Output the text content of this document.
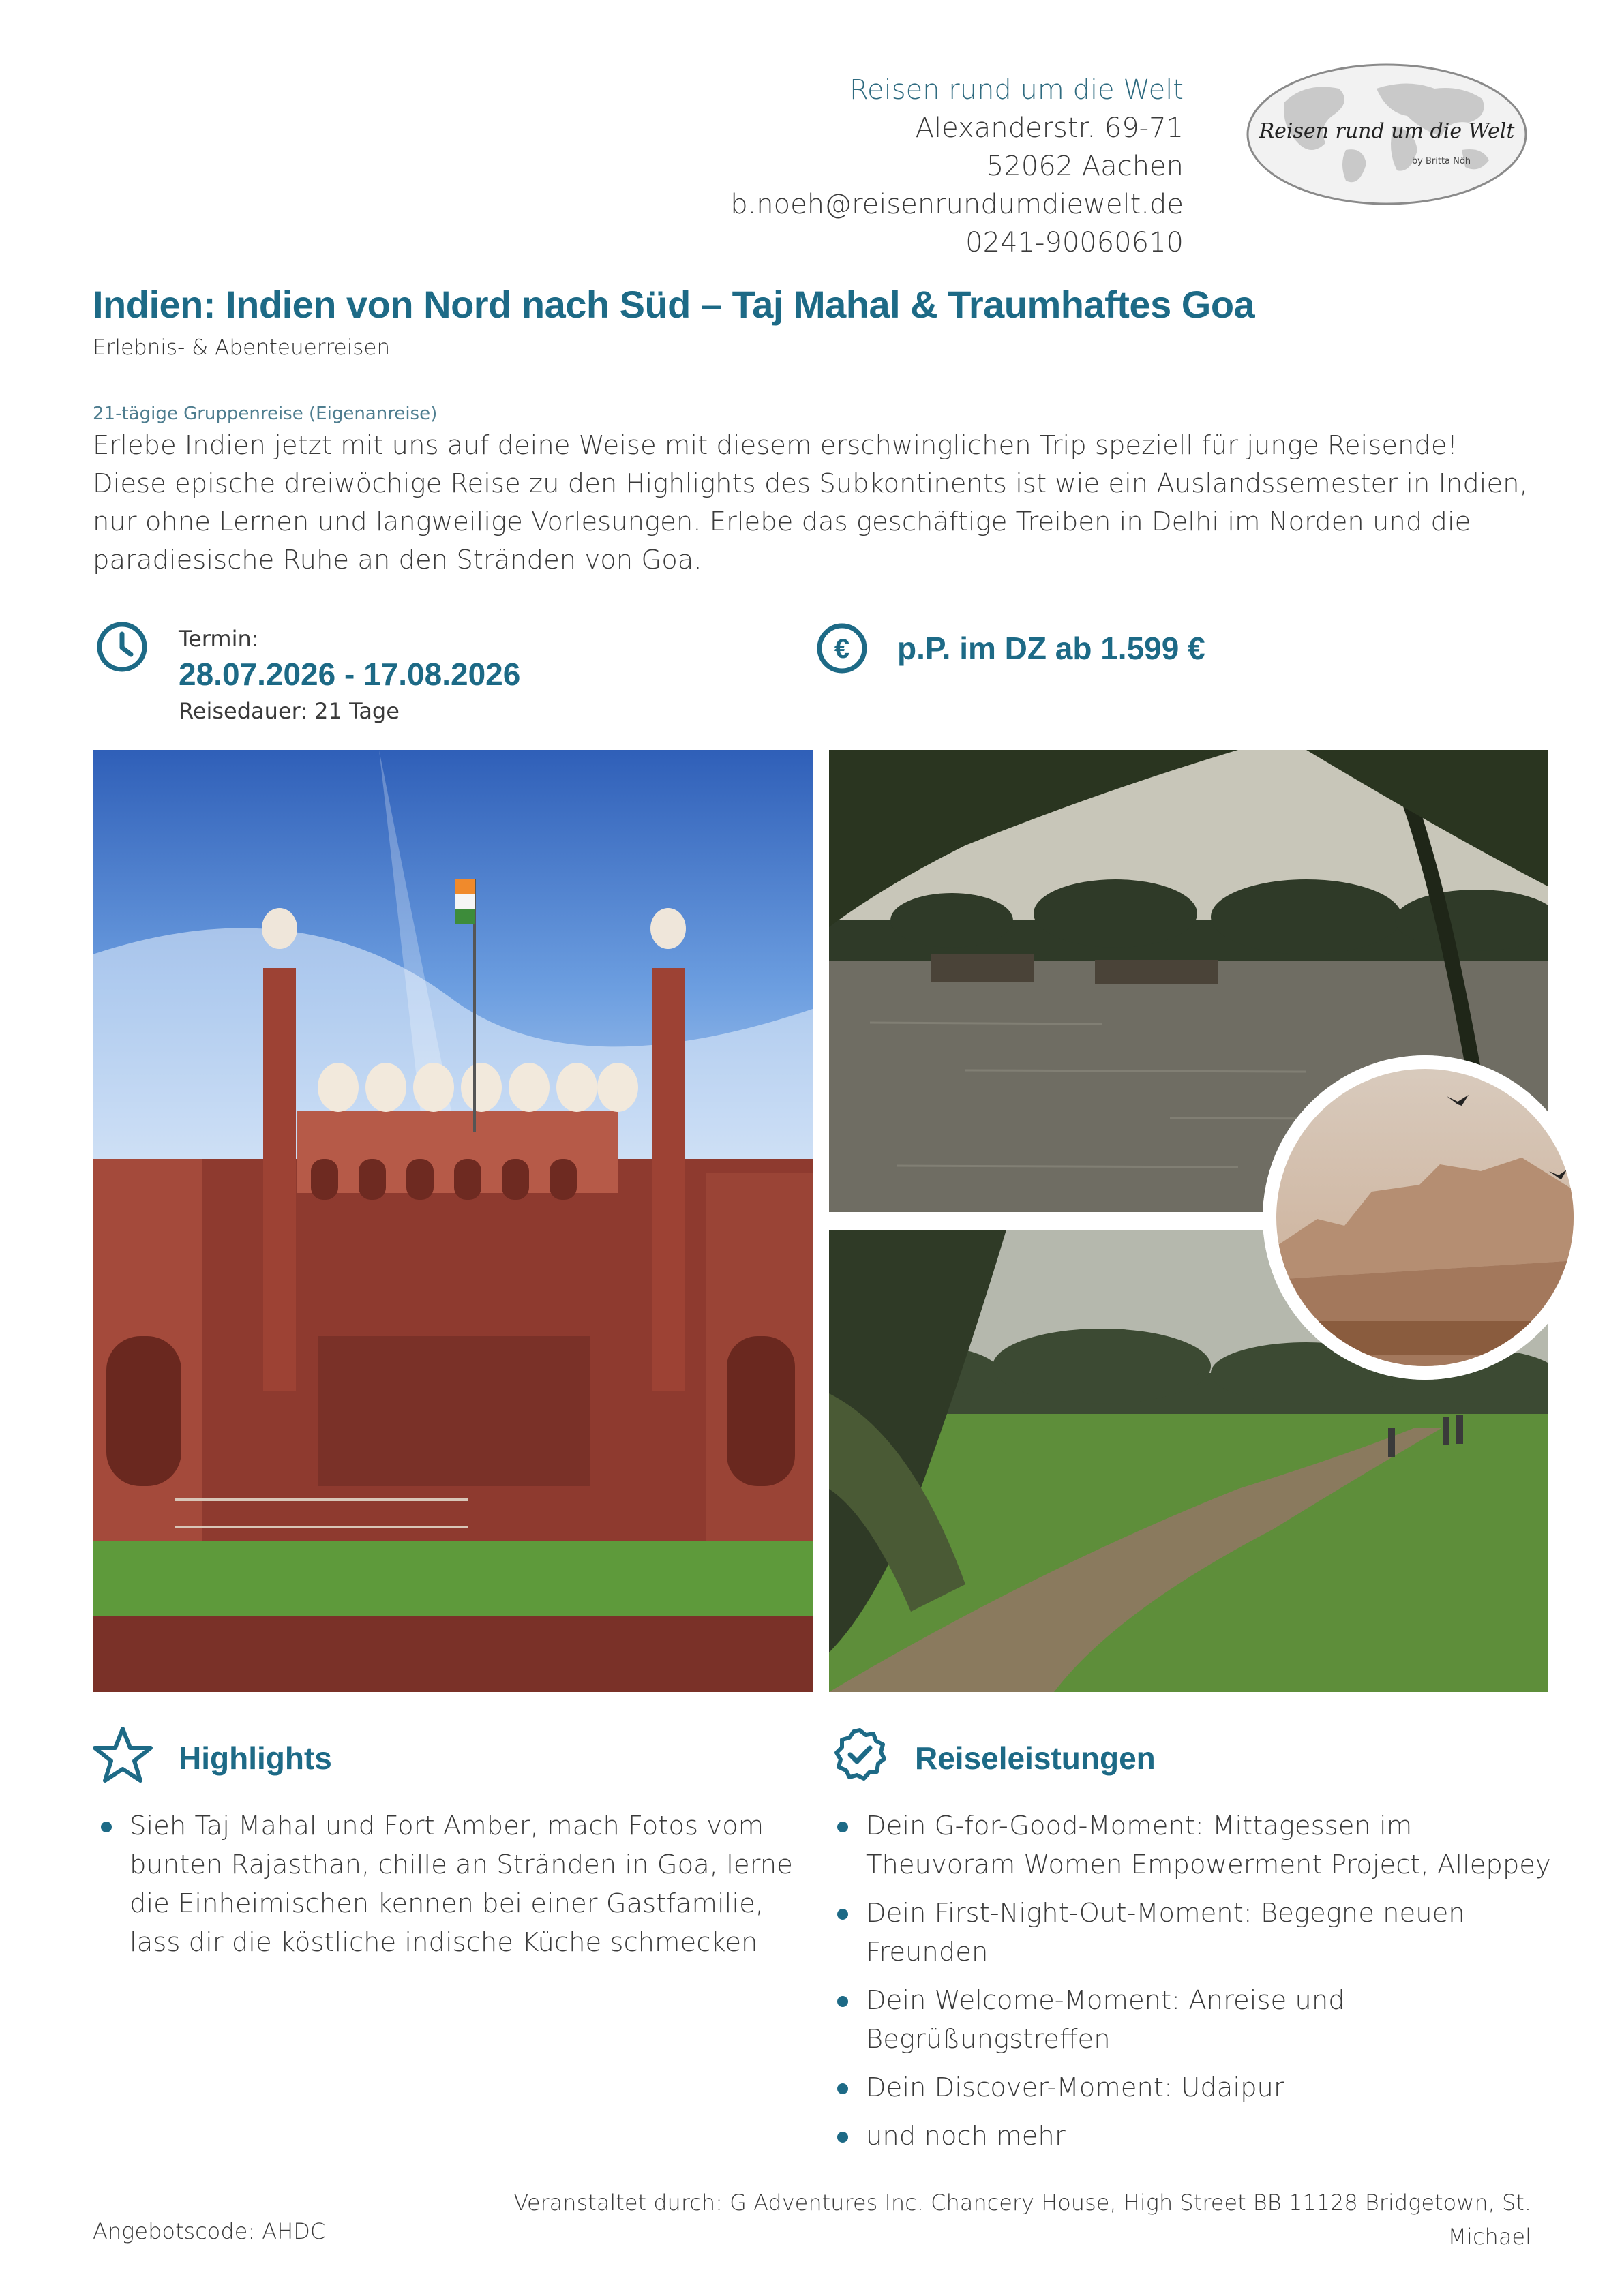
Reisen rund um die Welt
Alexanderstr. 69-71
52062 Aachen
b.noeh@reisenrundumdiewelt.de
0241-90060610
Reisen rund um die Welt
by Britta Nöh
Indien: Indien von Nord nach Süd – Taj Mahal & Traumhaftes Goa
Erlebnis- & Abenteuerreisen
21-tägige Gruppenreise (Eigenanreise)
Erlebe Indien jetzt mit uns auf deine Weise mit diesem erschwinglichen Trip speziell für junge Reisende! Diese epische dreiwöchige Reise zu den Highlights des Subkontinents ist wie ein Auslandssemester in Indien, nur ohne Lernen und langweilige Vorlesungen. Erlebe das geschäftige Treiben in Delhi im Norden und die paradiesische Ruhe an den Stränden von Goa.
Termin:
28.07.2026 - 17.08.2026
Reisedauer: 21 Tage
€ p.P. im DZ ab 1.599 €
Highlights
Sieh Taj Mahal und Fort Amber, mach Fotos vom bunten Rajasthan, chille an Stränden in Goa, lerne die Einheimischen kennen bei einer Gastfamilie, lass dir die köstliche indische Küche schmecken
Reiseleistungen
Dein G-for-Good-Moment: Mittagessen im Theuvoram Women Empowerment Project, Alleppey
Dein First-Night-Out-Moment: Begegne neuen Freunden
Dein Welcome-Moment: Anreise und Begrüßungstreffen
Dein Discover-Moment: Udaipur
und noch mehr
Veranstaltet durch: G Adventures Inc. Chancery House, High Street BB 11128 Bridgetown, St. Michael
Angebotscode: AHDC
